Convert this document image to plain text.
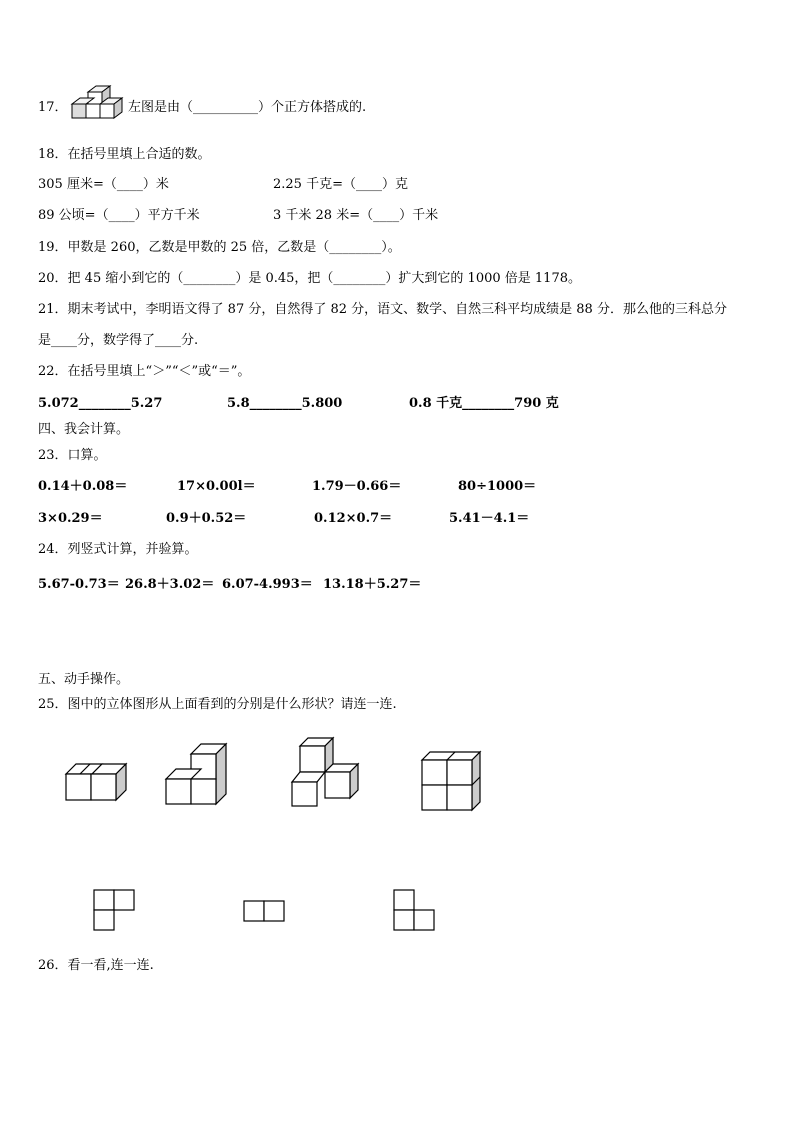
17．	左图是由（__________）个正方体搭成的.
18．在括号里填上合适的数。
305 厘米=（____）米	2.25 千克=（____）克
89 公顷=（____）平方千米	3 千米 28 米=（____）千米
19．甲数是 260，乙数是甲数的 25 倍，乙数是（________）。
20．把 45 缩小到它的（________）是 0.45，把（________）扩大到它的 1000 倍是 1178。
21．期末考试中，李明语文得了 87 分，自然得了 82 分，语文、数学、自然三科平均成绩是 88 分．那么他的三科总分
是____分，数学得了____分.
22．在括号里填上“＞”“＜”或“＝”。
5.072________5.27	5.8________5.800	0.8 千克________790 克
四、我会计算。
23．口算。
0.14＋0.08＝	17×0.00l＝	1.79－0.66＝	80÷1000＝
3×0.29＝	0.9＋0.52＝	0.12×0.7＝	5.41－4.1＝
24．列竖式计算，并验算。
5.67-0.73＝ 26.8＋3.02＝ 6.07-4.993＝ 13.18＋5.27＝
五、动手操作。
25．图中的立体图形从上面看到的分别是什么形状？请连一连.
26．看一看,连一连.
